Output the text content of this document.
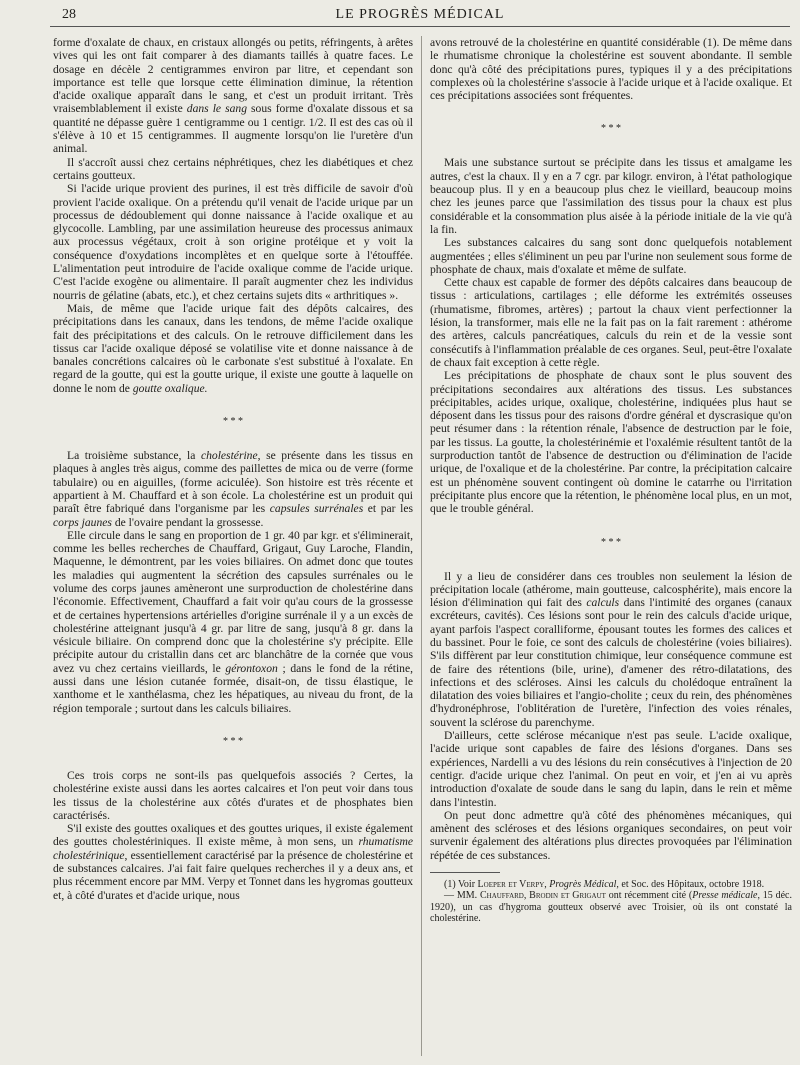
28	LE PROGRÈS MÉDICAL

forme d'oxalate de chaux, en cristaux allongés ou petits, réfringents, à arêtes vives qui les ont fait comparer à des diamants taillés à quatre faces. Le dosage en décèle 2 centigrammes environ par litre, et cependant son importance est telle que lorsque cette élimination diminue, la rétention d'acide oxalique apparaît dans le sang, et c'est un produit irritant. Très vraisemblablement il existe dans le sang sous forme d'oxalate dissous et sa quantité ne dépasse guère 1 centigramme ou 1 centigr. 1/2. Il est des cas où il s'élève à 10 et 15 centigrammes. Il augmente lorsqu'on lie l'uretère d'un animal.

Il s'accroît aussi chez certains néphrétiques, chez les diabétiques et chez certains goutteux.

Si l'acide urique provient des purines, il est très difficile de savoir d'où provient l'acide oxalique. On a prétendu qu'il venait de l'acide urique par un processus de dédoublement qui donne naissance à l'acide oxalique et au glycocolle. Lambling, par une assimilation heureuse des processus animaux aux processus végétaux, croit à son origine protéique et y voit la conséquence d'oxydations incomplètes et en quelque sorte à l'étouffée. L'alimentation peut introduire de l'acide oxalique comme de l'acide urique. C'est l'acide exogène ou alimentaire. Il paraît augmenter chez les individus nourris de gélatine (abats, etc.), et chez certains sujets dits « arthritiques ».

Mais, de même que l'acide urique fait des dépôts calcaires, des précipitations dans les canaux, dans les tendons, de même l'acide oxalique fait des précipitations et des calculs. On le retrouve difficilement dans les tissus car l'acide oxalique déposé se volatilise vite et donne naissance à de banales concrétions calcaires où le carbonate s'est substitué à l'oxalate. En regard de la goutte, qui est la goutte urique, il existe une goutte à laquelle on donne le nom de goutte oxalique.

* * *

La troisième substance, la cholestérine, se présente dans les tissus en plaques à angles très aigus, comme des paillettes de mica ou de verre (forme tabulaire) ou en aiguilles, (forme aciculée). Son histoire est très récente et appartient à M. Chauffard et à son école. La cholestérine est un produit qui paraît être fabriqué dans l'organisme par les capsules surrénales et par les corps jaunes de l'ovaire pendant la grossesse.

Elle circule dans le sang en proportion de 1 gr. 40 par kgr. et s'éliminerait, comme les belles recherches de Chauffard, Grigaut, Guy Laroche, Flandin, Maquenne, le démontrent, par les voies biliaires. On admet donc que toutes les maladies qui augmentent la sécrétion des capsules surrénales ou le volume des corps jaunes amèneront une surproduction de cholestérine dans l'économie. Effectivement, Chauffard a fait voir qu'au cours de la grossesse et de certaines hypertensions artérielles d'origine surrénale il y a un excès de cholestérine atteignant jusqu'à 4 gr. par litre de sang, jusqu'à 8 gr. dans la vésicule biliaire. On comprend donc que la cholestérine s'y précipite. Elle précipite autour du cristallin dans cet arc blanchâtre de la cornée que vous avez vu chez certains vieillards, le gérontoxon ; dans le fond de la rétine, aussi dans une lésion cutanée formée, disait-on, de tissu élastique, le xanthome et le xanthélasma, chez les hépatiques, au niveau du front, de la région temporale ; surtout dans les calculs biliaires.

* * *

Ces trois corps ne sont-ils pas quelquefois associés ? Certes, la cholestérine existe aussi dans les aortes calcaires et l'on peut voir dans tous les tissus de la cholestérine aux côtés d'urates et de phosphates bien caractérisés.

S'il existe des gouttes oxaliques et des gouttes uriques, il existe également des gouttes cholestériniques. Il existe même, à mon sens, un rhumatisme cholestérinique, essentiellement caractérisé par la présence de cholestérine et de substances calcaires. J'ai fait faire quelques recherches il y a deux ans, et plus récemment encore par MM. Verpy et Tonnet dans les hygromas goutteux et, à côté d'urates et d'acide urique, nous

avons retrouvé de la cholestérine en quantité considérable (1). De même dans le rhumatisme chronique la cholestérine est souvent abondante. Il semble donc qu'à côté des précipitations pures, typiques il y a des précipitations complexes où la cholestérine s'associe à l'acide urique et à l'acide oxalique. Et ces précipitations associées sont fréquentes.

* * *

Mais une substance surtout se précipite dans les tissus et amalgame les autres, c'est la chaux. Il y en a 7 cgr. par kilogr. environ, à l'état pathologique beaucoup plus. Il y en a beaucoup plus chez le vieillard, beaucoup moins chez les jeunes parce que l'assimilation des tissus pour la chaux est plus considérable et la consommation plus aisée à la période initiale de la vie qu'à la fin.

Les substances calcaires du sang sont donc quelquefois notablement augmentées ; elles s'éliminent un peu par l'urine non seulement sous forme de phosphate de chaux, mais d'oxalate et même de sulfate.

Cette chaux est capable de former des dépôts calcaires dans beaucoup de tissus : articulations, cartilages ; elle déforme les extrémités osseuses (rhumatisme, fibromes, artères) ; partout la chaux vient perfectionner la lésion, la transformer, mais elle ne la fait pas on la fait rarement : athérome des artères, calculs pancréatiques, calculs du rein et de la vessie sont consécutifs à l'inflammation préalable de ces organes. Seul, peut-être l'oxalate de chaux fait exception à cette règle.

Les précipitations de phosphate de chaux sont le plus souvent des précipitations secondaires aux altérations des tissus. Les substances précipitables, acides urique, oxalique, cholestérine, indiquées plus haut se déposent dans les tissus pour des raisons d'ordre général et dyscrasique qu'on peut résumer dans : la rétention rénale, l'absence de destruction par le foie, par les tissus. La goutte, la cholestérinémie et l'oxalémie résultent tantôt de la surproduction tantôt de l'absence de destruction ou d'élimination de l'acide urique, de l'oxalique et de la cholestérine. Par contre, la précipitation calcaire est un phénomène souvent contingent où domine le catarrhe ou l'irritation précipitante plus encore que la rétention, le phénomène local plus, en un mot, que le trouble général.

* * *

Il y a lieu de considérer dans ces troubles non seulement la lésion de précipitation locale (athérome, main goutteuse, calcosphérite), mais encore la lésion d'élimination qui fait des calculs dans l'intimité des organes (canaux excréteurs, cavités). Ces lésions sont pour le rein des calculs d'acide urique, ayant parfois l'aspect coralliforme, épousant toutes les formes des calices et du bassinet. Pour le foie, ce sont des calculs de cholestérine (voies biliaires). S'ils diffèrent par leur constitution chimique, leur conséquence commune est de faire des rétentions (bile, urine), d'amener des rétro-dilatations, des infections et des scléroses. Ainsi les calculs du cholédoque entraînent la dilatation des voies biliaires et l'angio-cholite ; ceux du rein, des phénomènes d'hydronéphrose, l'oblitération de l'uretère, l'infection des voies rénales, souvent la sclérose du parenchyme.

D'ailleurs, cette sclérose mécanique n'est pas seule. L'acide oxalique, l'acide urique sont capables de faire des lésions d'organes. Dans ses expériences, Nardelli a vu des lésions du rein consécutives à l'injection de 20 centigr. d'acide urique chez l'animal. On peut en voir, et j'en ai vu après introduction d'oxalate de soude dans le sang du lapin, dans le rein et même dans l'intestin.

On peut donc admettre qu'à côté des phénomènes mécaniques, qui amènent des scléroses et des lésions organiques secondaires, on peut voir survenir également des altérations plus directes provoquées par l'élimination répétée de ces substances.

(1) Voir Loeper et Verpy, Progrès Médical, et Soc. des Hôpitaux, octobre 1918.

— MM. Chauffard, Brodin et Grigaut ont récemment cité (Presse médicale, 15 déc. 1920), un cas d'hygroma goutteux observé avec Troisier, où ils ont constaté la cholestérine.
